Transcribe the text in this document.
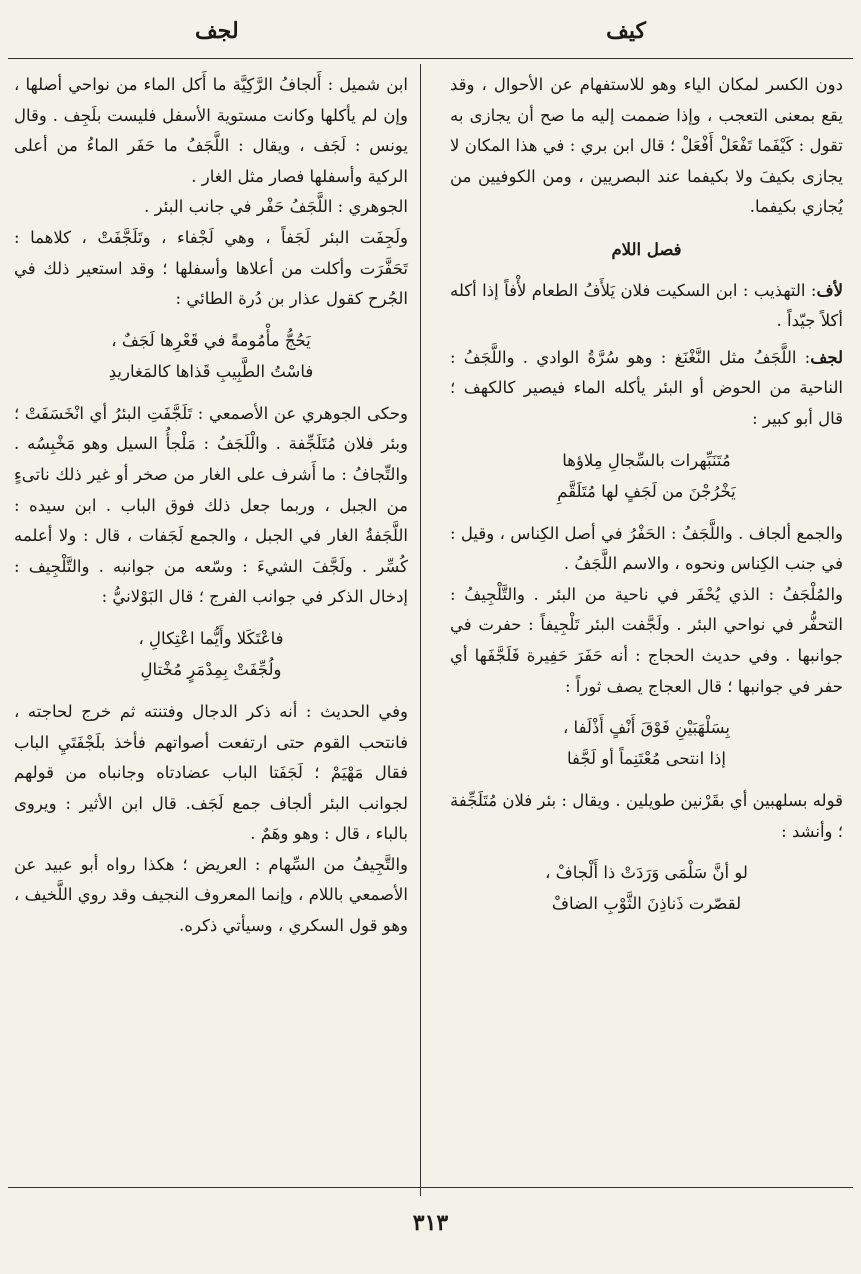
كيف
لجف

دون الكسر لمكان الياء وهو للاستفهام عن الأحوال ، وقد يقع بمعنى التعجب ، وإذا ضممت إليه ما صح أن يجازى به تقول : كَيْفَما تَفْعَلْ أَفْعَلْ ؛ قال ابن بري : في هذا المكان لا يجازى بكيفَ ولا بكيفما عند البصريين ، ومن الكوفيين من يُجازي بكيفما.

فصل اللام

لأف: التهذيب : ابن السكيت فلان يَلأَفُ الطعام لأْفاً إذا أكله أكلاً جيّداً .

لجف: اللَّجَفُ مثل النَّغْنَغ : وهو سُرَّةُ الوادي . واللَّجَفُ : الناحية من الحوض أو البئر يأكله الماء فيصير كالكهف ؛ قال أبو كبير :

مُتَنَبِّهرات بالسِّجالِ مِلاؤها
يَخْرُجْنَ من لَجَفٍ لها مُتَلَقَّمِ

والجمع ألجاف . واللَّجَفُ : الحَفْرُ في أصل الكِناس ، وقيل : في جنب الكِناس ونحوه ، والاسم اللَّجَفُ .

والمُلْجَفُ : الذي يُحْفَر في ناحية من البئر . والتَّلْجِيفُ : التحفُّر في نواحي البئر . ولَجَّفت البئر تَلْجِيفاً : حفرت في جوانبها . وفي حديث الحجاج : أنه حَفَرَ حَفِيرة فَلَجَّفَها أي حفر في جوانبها ؛ قال العجاج يصف ثوراً :

بِسَلْهَبَيْنِ فَوْقَ أَنْفٍ أَذْلَفا ،
إذا انتحى مُعْتَنِماً أو لَجَّفا

قوله بسلهبين أي بقَرْنين طويلين . ويقال : بئر فلان مُتَلَجِّفة ؛ وأنشد :

لو أنَّ سَلْمَى وَرَدَتْ ذا أَلْجافْ ،
لقصّرت ذَناذِنَ الثَّوْبِ الضافْ

ابن شميل : أَلجافُ الرَّكِيَّة ما أَكل الماء من نواحي أصلها ، وإن لم يأكلها وكانت مستوية الأسفل فليست بلَجِف . وقال يونس : لَجَف ، ويقال : اللَّجَفُ ما حَفَر الماءُ من أعلى الركية وأسفلها فصار مثل الغار .

الجوهري : اللَّجَفُ حَفْر في جانب البئر .

ولَجِفَت البئر لَجَفاً ، وهي لَجْفاء ، وتَلَجَّفَتْ ، كلاهما : تَحَفَّرَت وأكلت من أعلاها وأسفلها ؛ وقد استعير ذلك في الجُرح كقول عذار بن دُرة الطائي :

يَحُجُّ مأْمُومةً في قَعْرِها لَجَفٌ ،
فاسْتُ الطَّبِيبِ قَذاها كالمَغاريدِ

وحكى الجوهري عن الأصمعي : تَلَجَّفَتِ البئرُ أي انْخَسَفَتْ ؛ وبئر فلان مُتَلَجِّفة . والْلَجَفُ : مَلْجأُ السيل وهو مَخْبِسُه . والتِّجافُ : ما أَشرف على الغار من صخر أو غير ذلك ناتىءٍ من الجبل ، وربما جعل ذلك فوق الباب . ابن سيده : اللَّجَفةُ الغار في الجبل ، والجمع لَجَفات ، قال : ولا أعلمه كُسِّر . ولَجَّفَ الشيءَ : وسّعه من جوانبه . والتَّلْجِيف : إدخال الذكر في جوانب الفرج ؛ قال البَوْلانيُّ :

فاعْتَكَلا وأَيُّما اعْتِكالِ ،
ولُجِّفَتْ بِمِدْمَرٍ مُخْتالِ

وفي الحديث : أنه ذكر الدجال وفتنته ثم خرج لحاجته ، فانتحب القوم حتى ارتفعت أصواتهم فأخذ بلَجْفَتَيِ الباب فقال مَهْيَمْ ؛ لَجَفَتا الباب عضادتاه وجانباه من قولهم لجوانب البئر ألجاف جمع لَجَف. قال ابن الأثير : ويروى بالباء ، قال : وهو وهَمٌ .

والتَّجِيفُ من السِّهام : العريض ؛ هكذا رواه أبو عبيد عن الأصمعي باللام ، وإنما المعروف النجيف وقد روي اللَّخيف ، وهو قول السكري ، وسيأتي ذكره.

٣١٣
